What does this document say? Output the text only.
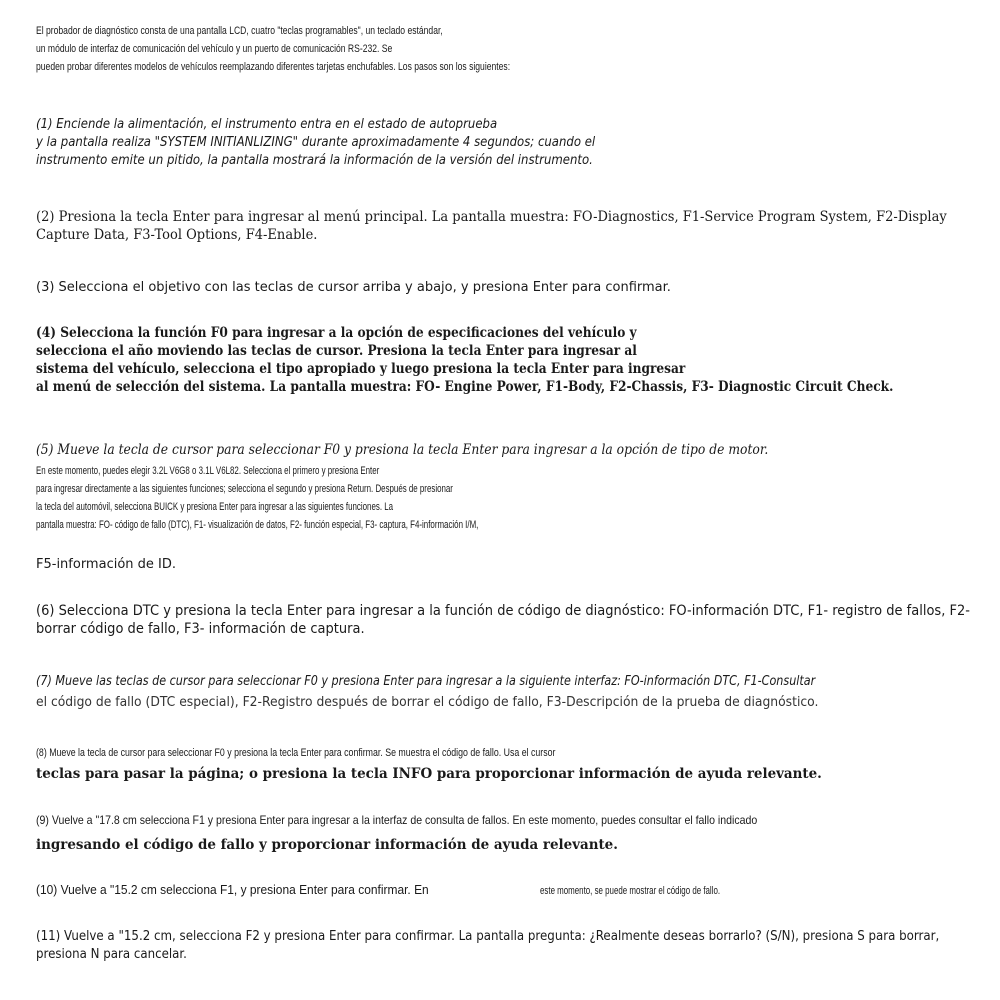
El probador de diagnóstico consta de una pantalla LCD, cuatro "teclas programables", un teclado estándar,
un módulo de interfaz de comunicación del vehículo y un puerto de comunicación RS-232. Se
pueden probar diferentes modelos de vehículos reemplazando diferentes tarjetas enchufables. Los pasos son los siguientes:
(1) Enciende la alimentación, el instrumento entra en el estado de autoprueba
y la pantalla realiza "SYSTEM INITIANLIZING" durante aproximadamente 4 segundos; cuando el
instrumento emite un pitido, la pantalla mostrará la información de la versión del instrumento.
(2) Presiona la tecla Enter para ingresar al menú principal. La pantalla muestra: FO-Diagnostics, F1-Service Program System, F2-Display
Capture Data, F3-Tool Options, F4-Enable.
(3) Selecciona el objetivo con las teclas de cursor arriba y abajo, y presiona Enter para confirmar.
(4) Selecciona la función F0 para ingresar a la opción de especificaciones del vehículo y
selecciona el año moviendo las teclas de cursor. Presiona la tecla Enter para ingresar al
sistema del vehículo, selecciona el tipo apropiado y luego presiona la tecla Enter para ingresar
al menú de selección del sistema. La pantalla muestra: FO- Engine Power, F1-Body, F2-Chassis, F3- Diagnostic Circuit Check.
(5) Mueve la tecla de cursor para seleccionar F0 y presiona la tecla Enter para ingresar a la opción de tipo de motor.
En este momento, puedes elegir 3.2L V6G8 o 3.1L V6L82. Selecciona el primero y presiona Enter
para ingresar directamente a las siguientes funciones; selecciona el segundo y presiona Return. Después de presionar
la tecla del automóvil, selecciona BUICK y presiona Enter para ingresar a las siguientes funciones. La
pantalla muestra: FO- código de fallo (DTC), F1- visualización de datos, F2- función especial, F3- captura, F4-información I/M,
F5-información de ID.
(6) Selecciona DTC y presiona la tecla Enter para ingresar a la función de código de diagnóstico: FO-información DTC, F1- registro de fallos, F2-
borrar código de fallo, F3- información de captura.
(7) Mueve las teclas de cursor para seleccionar F0 y presiona Enter para ingresar a la siguiente interfaz: FO-información DTC, F1-Consultar
el código de fallo (DTC especial), F2-Registro después de borrar el código de fallo, F3-Descripción de la prueba de diagnóstico.
(8) Mueve la tecla de cursor para seleccionar F0 y presiona la tecla Enter para confirmar. Se muestra el código de fallo. Usa el cursor
teclas para pasar la página; o presiona la tecla INFO para proporcionar información de ayuda relevante.
(9) Vuelve a "17.8 cm selecciona F1 y presiona Enter para ingresar a la interfaz de consulta de fallos. En este momento, puedes consultar el fallo indicado
ingresando el código de fallo y proporcionar información de ayuda relevante.
(10) Vuelve a "15.2 cm selecciona F1, y presiona Enter para confirmar. En	este momento, se puede mostrar el código de fallo.
(11) Vuelve a "15.2 cm, selecciona F2 y presiona Enter para confirmar. La pantalla pregunta: ¿Realmente deseas borrarlo? (S/N), presiona S para borrar,
presiona N para cancelar.
